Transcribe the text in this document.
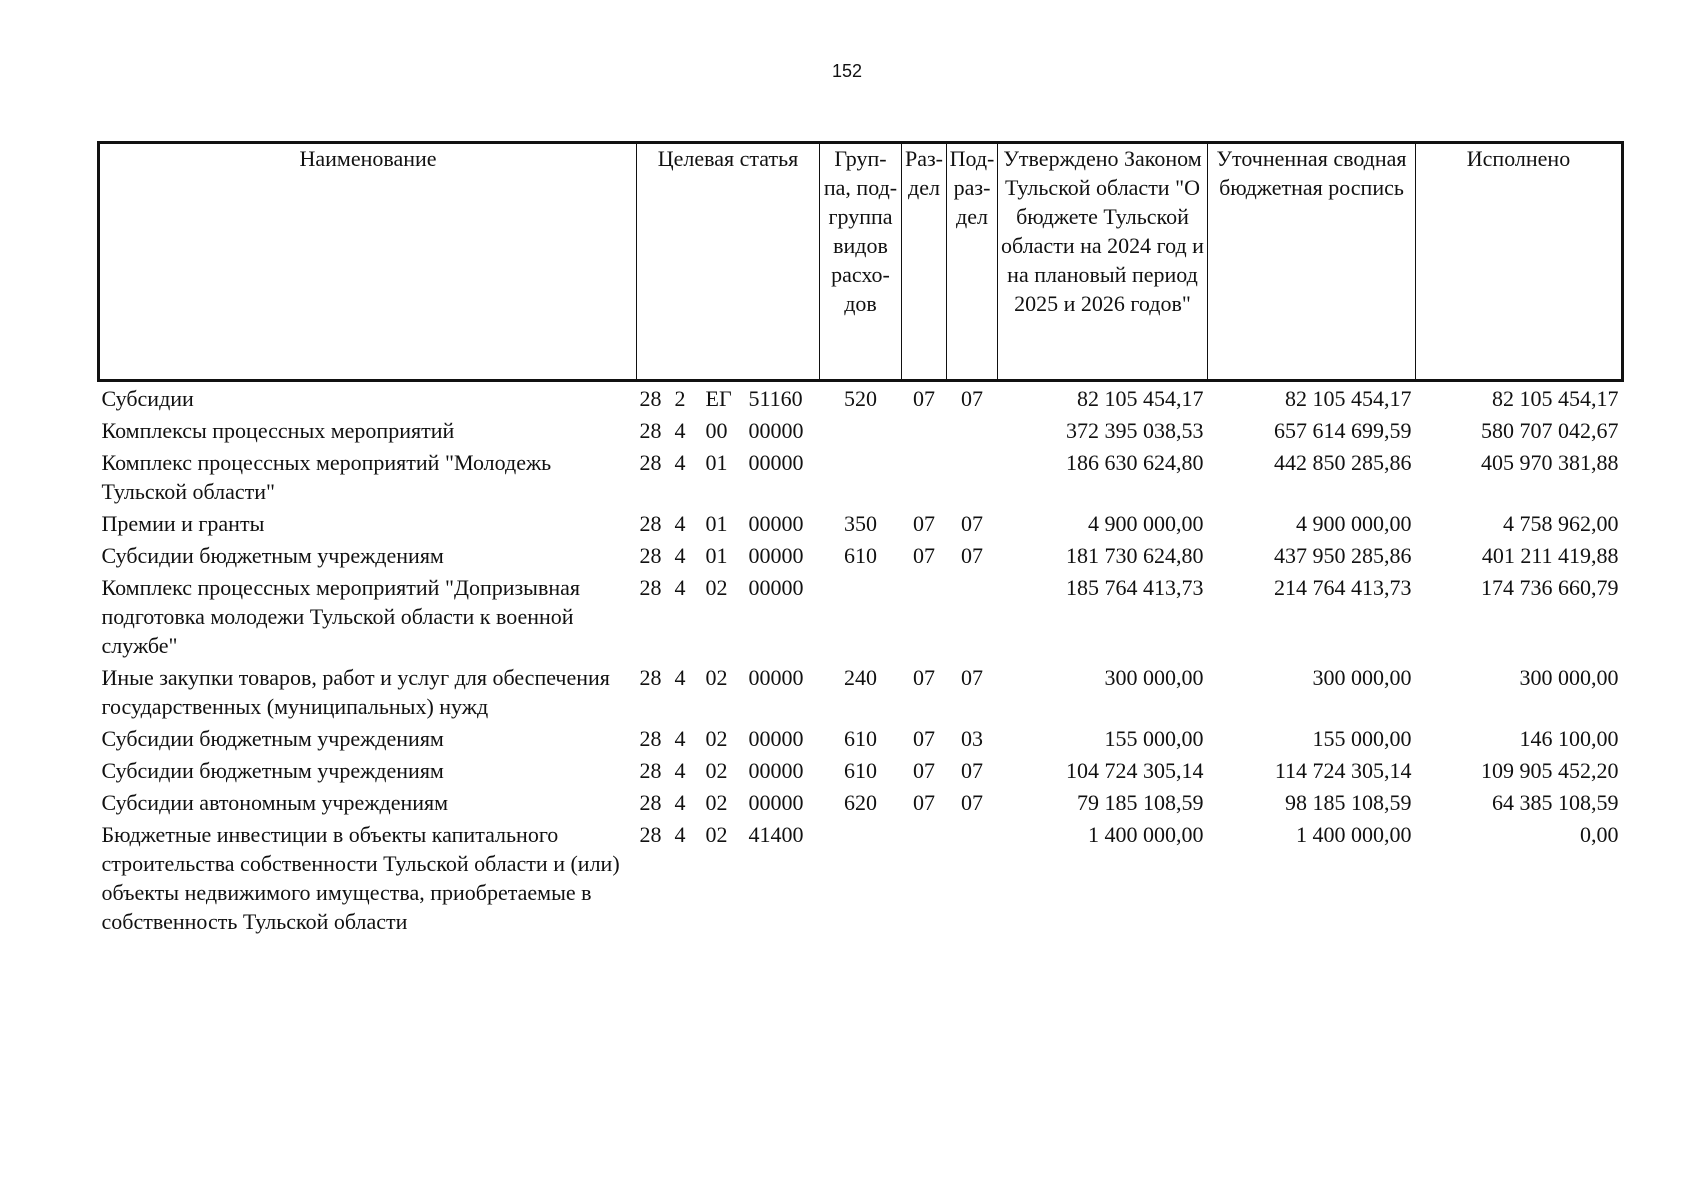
152
Наименование	Целевая статья	Груп-па, под-группа видов расхо-дов	Раз-дел	Под-раз-дел	Утверждено Законом Тульской области "О бюджете Тульской области на 2024 год и на плановый период 2025 и 2026 годов"	Уточненная сводная бюджетная роспись	Исполнено
Субсидии	28 2 ЕГ 51160	520	07	07	82 105 454,17	82 105 454,17	82 105 454,17
Комплексы процессных мероприятий	28 4 00 00000				372 395 038,53	657 614 699,59	580 707 042,67
Комплекс процессных мероприятий "Молодежь Тульской области"	28 4 01 00000				186 630 624,80	442 850 285,86	405 970 381,88
Премии и гранты	28 4 01 00000	350	07	07	4 900 000,00	4 900 000,00	4 758 962,00
Субсидии бюджетным учреждениям	28 4 01 00000	610	07	07	181 730 624,80	437 950 285,86	401 211 419,88
Комплекс процессных мероприятий "Допризывная подготовка молодежи Тульской области к военной службе"	28 4 02 00000				185 764 413,73	214 764 413,73	174 736 660,79
Иные закупки товаров, работ и услуг для обеспечения государственных (муниципальных) нужд	28 4 02 00000	240	07	07	300 000,00	300 000,00	300 000,00
Субсидии бюджетным учреждениям	28 4 02 00000	610	07	03	155 000,00	155 000,00	146 100,00
Субсидии бюджетным учреждениям	28 4 02 00000	610	07	07	104 724 305,14	114 724 305,14	109 905 452,20
Субсидии автономным учреждениям	28 4 02 00000	620	07	07	79 185 108,59	98 185 108,59	64 385 108,59
Бюджетные инвестиции в объекты капитального строительства собственности Тульской области и (или) объекты недвижимого имущества, приобретаемые в собственность Тульской области	28 4 02 41400				1 400 000,00	1 400 000,00	0,00
